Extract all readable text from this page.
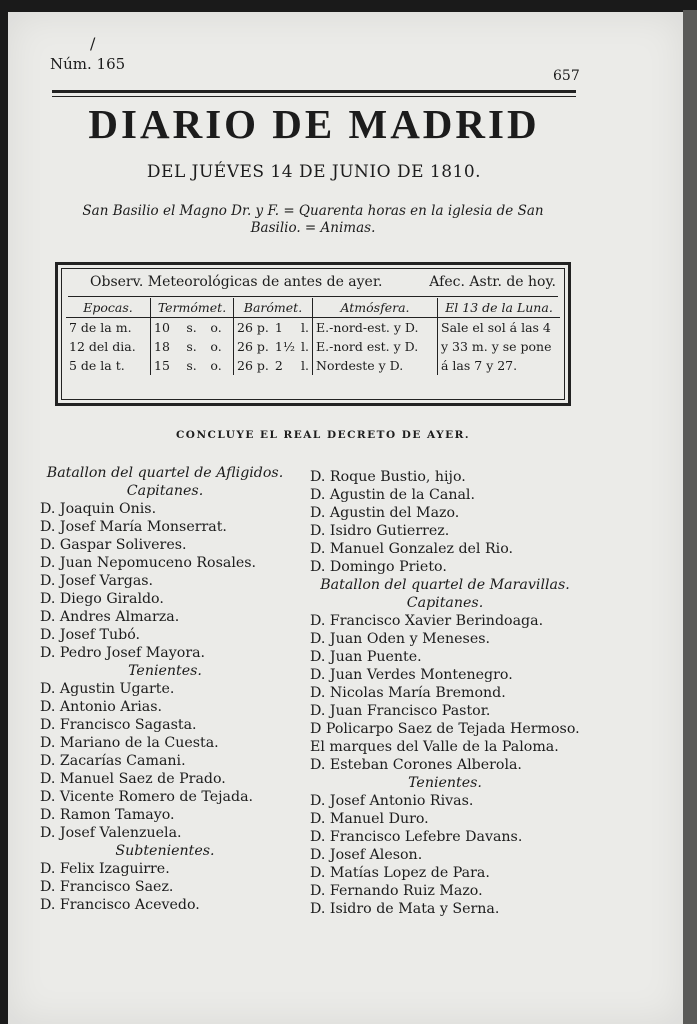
/
Núm. 165
657
DIARIO DE MADRID
DEL JUÉVES 14 DE JUNIO DE 1810.
San Basilio el Magno Dr. y F. = Quarenta horas en la iglesia de San Basilio. = Animas.
Observ. Meteorológicas de antes de ayer.	Afec. Astr. de hoy.
Epocas.	Termómet.			Barómet.			Atmósfera.	El 13 de la Luna.
7 de la m.	10	s.	o.	26 p.	1	l.	E.-nord-est. y D.	Sale el sol á las 4
12 del dia.	18	s.	o.	26 p.	1½	l.	E.-nord est. y D.	y 33 m. y se pone
5 de la t.	15	s.	o.	26 p.	2	l.	Nordeste y D.	á las 7 y 27.
CONCLUYE EL REAL DECRETO DE AYER.
Batallon del quartel de Afligidos.
Capitanes.
D. Joaquin Onis.
D. Josef María Monserrat.
D. Gaspar Soliveres.
D. Juan Nepomuceno Rosales.
D. Josef Vargas.
D. Diego Giraldo.
D. Andres Almarza.
D. Josef Tubó.
D. Pedro Josef Mayora.
Tenientes.
D. Agustin Ugarte.
D. Antonio Arias.
D. Francisco Sagasta.
D. Mariano de la Cuesta.
D. Zacarías Camani.
D. Manuel Saez de Prado.
D. Vicente Romero de Tejada.
D. Ramon Tamayo.
D. Josef Valenzuela.
Subtenientes.
D. Felix Izaguirre.
D. Francisco Saez.
D. Francisco Acevedo.
D. Roque Bustio, hijo.
D. Agustin de la Canal.
D. Agustin del Mazo.
D. Isidro Gutierrez.
D. Manuel Gonzalez del Rio.
D. Domingo Prieto.
Batallon del quartel de Maravillas.
Capitanes.
D. Francisco Xavier Berindoaga.
D. Juan Oden y Meneses.
D. Juan Puente.
D. Juan Verdes Montenegro.
D. Nicolas María Bremond.
D. Juan Francisco Pastor.
D Policarpo Saez de Tejada Hermoso.
El marques del Valle de la Paloma.
D. Esteban Corones Alberola.
Tenientes.
D. Josef Antonio Rivas.
D. Manuel Duro.
D. Francisco Lefebre Davans.
D. Josef Aleson.
D. Matías Lopez de Para.
D. Fernando Ruiz Mazo.
D. Isidro de Mata y Serna.
